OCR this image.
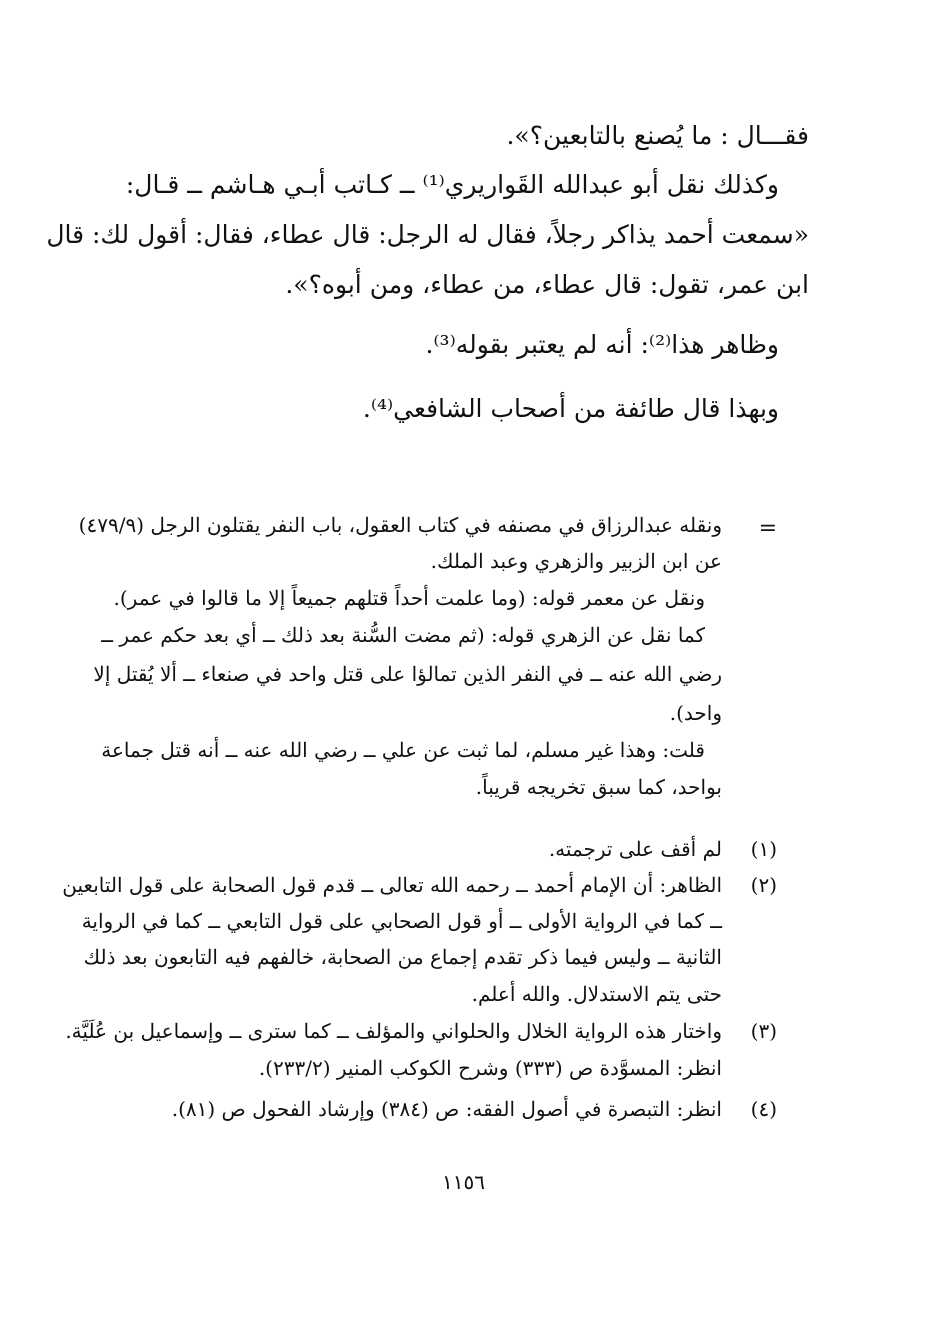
فقـــال : ما يُصنع بالتابعين؟».
وكذلك نقل أبو عبدالله القَواريري⁽¹⁾ ــ كـاتب أبـي هـاشم ــ قـال:
«سمعت أحمد يذاكر رجلاً، فقال له الرجل: قال عطاء، فقال: أقول لك: قال
ابن عمر، تقول: قال عطاء، من عطاء، ومن أبوه؟».
وظاهر هذا⁽²⁾: أنه لم يعتبر بقوله⁽³⁾.
وبهذا قال طائفة من أصحاب الشافعي⁽⁴⁾.
=
ونقله عبدالرزاق في مصنفه في كتاب العقول، باب النفر يقتلون الرجل (٤٧٩/٩)
عن ابن الزبير والزهري وعبد الملك.
ونقل عن معمر قوله: (وما علمت أحداً قتلهم جميعاً إلا ما قالوا في عمر).
كما نقل عن الزهري قوله: (ثم مضت السُّنة بعد ذلك ــ أي بعد حكم عمر ــ
رضي الله عنه ــ في النفر الذين تمالؤا على قتل واحد في صنعاء ــ ألا يُقتل إلا
واحد).
قلت: وهذا غير مسلم، لما ثبت عن علي ــ رضي الله عنه ــ أنه قتل جماعة
بواحد، كما سبق تخريجه قريباً.
(١)
لم أقف على ترجمته.
(٢)
الظاهر: أن الإمام أحمد ــ رحمه الله تعالى ــ قدم قول الصحابة على قول التابعين
ــ كما في الرواية الأولى ــ أو قول الصحابي على قول التابعي ــ كما في الرواية
الثانية ــ وليس فيما ذكر تقدم إجماع من الصحابة، خالفهم فيه التابعون بعد ذلك
حتى يتم الاستدلال. والله أعلم.
(٣)
واختار هذه الرواية الخلال والحلواني والمؤلف ــ كما سترى ــ وإسماعيل بن عُلَيَّة.
انظر: المسوَّدة ص (٣٣٣) وشرح الكوكب المنير (٢٣٣/٢).
(٤)
انظر: التبصرة في أصول الفقه: ص (٣٨٤) وإرشاد الفحول ص (٨١).
١١٥٦
